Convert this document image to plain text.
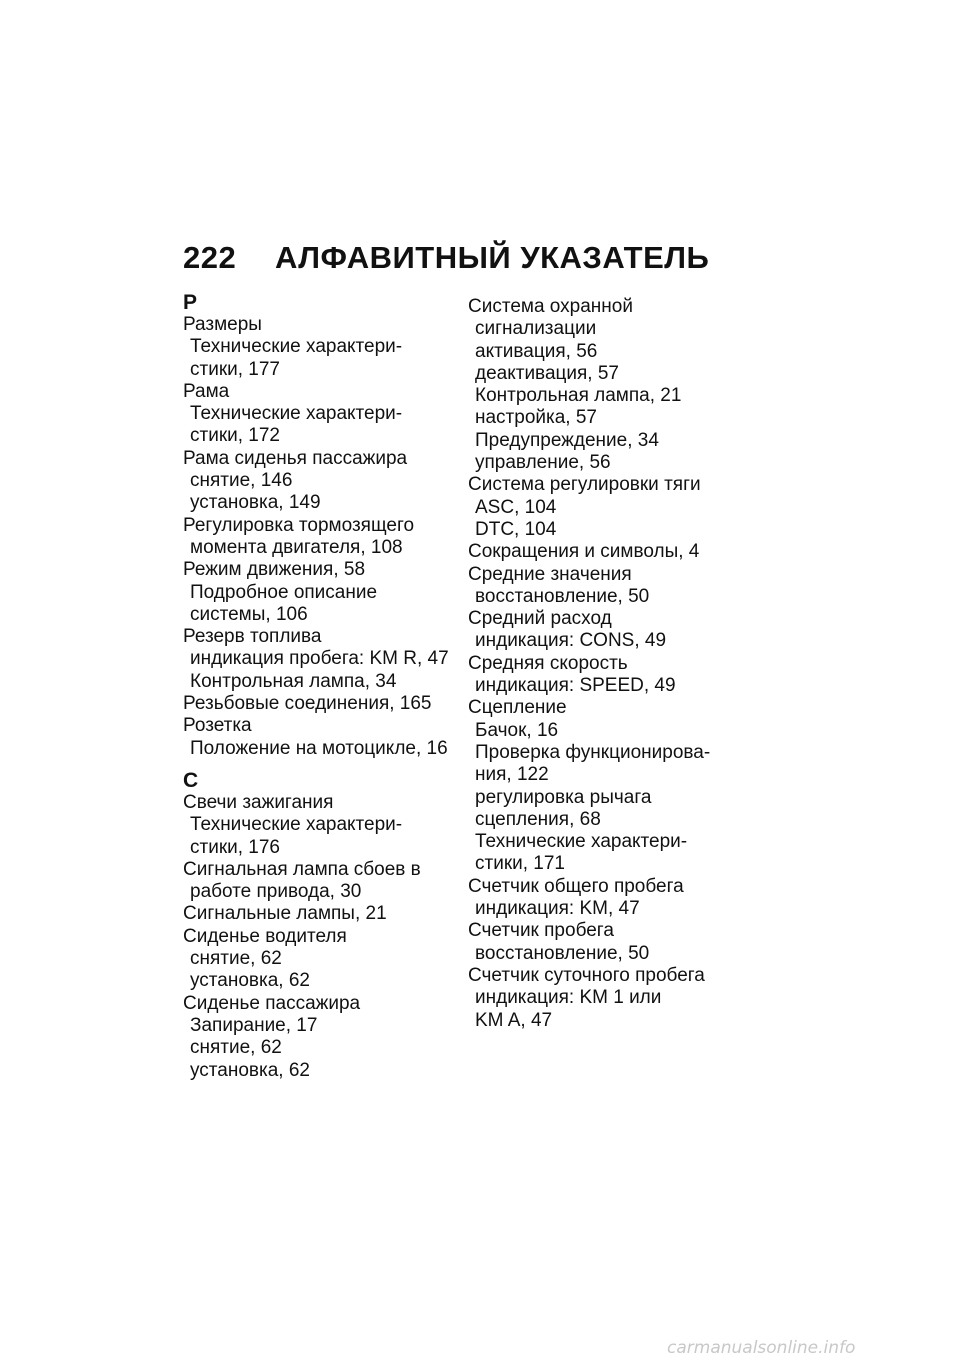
222 АЛФАВИТНЫЙ УКАЗАТЕЛЬ
Р
Размеры
Технические характери-
стики, 177
Рама
Технические характери-
стики, 172
Рама сиденья пассажира
снятие, 146
установка, 149
Регулировка тормозящего
момента двигателя, 108
Режим движения, 58
Подробное описание
системы, 106
Резерв топлива
индикация пробега: KM R, 47
Контрольная лампа, 34
Резьбовые соединения, 165
Розетка
Положение на мотоцикле, 16
С
Свечи зажигания
Технические характери-
стики, 176
Сигнальная лампа сбоев в
работе привода, 30
Сигнальные лампы, 21
Сиденье водителя
снятие, 62
установка, 62
Сиденье пассажира
Запирание, 17
снятие, 62
установка, 62
Система охранной
сигнализации
активация, 56
деактивация, 57
Контрольная лампа, 21
настройка, 57
Предупреждение, 34
управление, 56
Система регулировки тяги
ASC, 104
DTC, 104
Сокращения и символы, 4
Средние значения
восстановление, 50
Средний расход
индикация: CONS, 49
Средняя скорость
индикация: SPEED, 49
Сцепление
Бачок, 16
Проверка функционирова-
ния, 122
регулировка рычага
сцепления, 68
Технические характери-
стики, 171
Счетчик общего пробега
индикация: KM, 47
Счетчик пробега
восстановление, 50
Счетчик суточного пробега
индикация: KM 1 или
KM A, 47
carmanualsonline.info
